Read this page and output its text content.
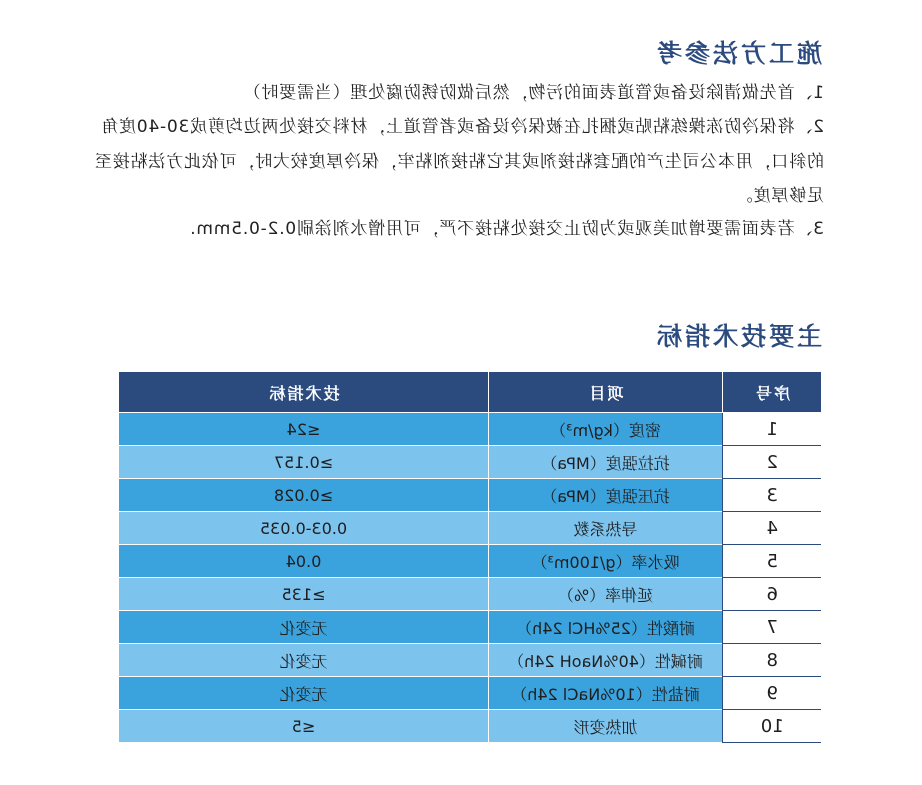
施工方法参考
1、首先做清除设备或管道表面的污物，然后做防锈防腐处理（当需要时）
2、将保冷防冻操练粘贴或捆扎在被保冷设备或者管道上，材料交接处两边均剪成30-40度角的斜口，用本公司生产的配套粘接剂或其它粘接剂粘牢，保冷厚度较大时，可依此方法粘接至足够厚度。
3、若表面需要增加美观或为防止交接处粘接不严，可用憎水剂涂刷0.2-0.5mm.
主要技术指标
序号	项目	技术指标
1	密度（kg/m³）	≤24
2	抗拉强度（MPa）	≥0.157
3	抗压强度（MPa）	≥0.028
4	导热系数	0.03-0.035
5	吸水率（g/100m³）	0.04
6	延伸率（%）	≥135
7	耐酸性（25%HCl 24h）	无变化
8	耐碱性（40%NaoH 24h）	无变化
9	耐盐性（10%NaCl 24h）	无变化
10	加热变形	≤5
